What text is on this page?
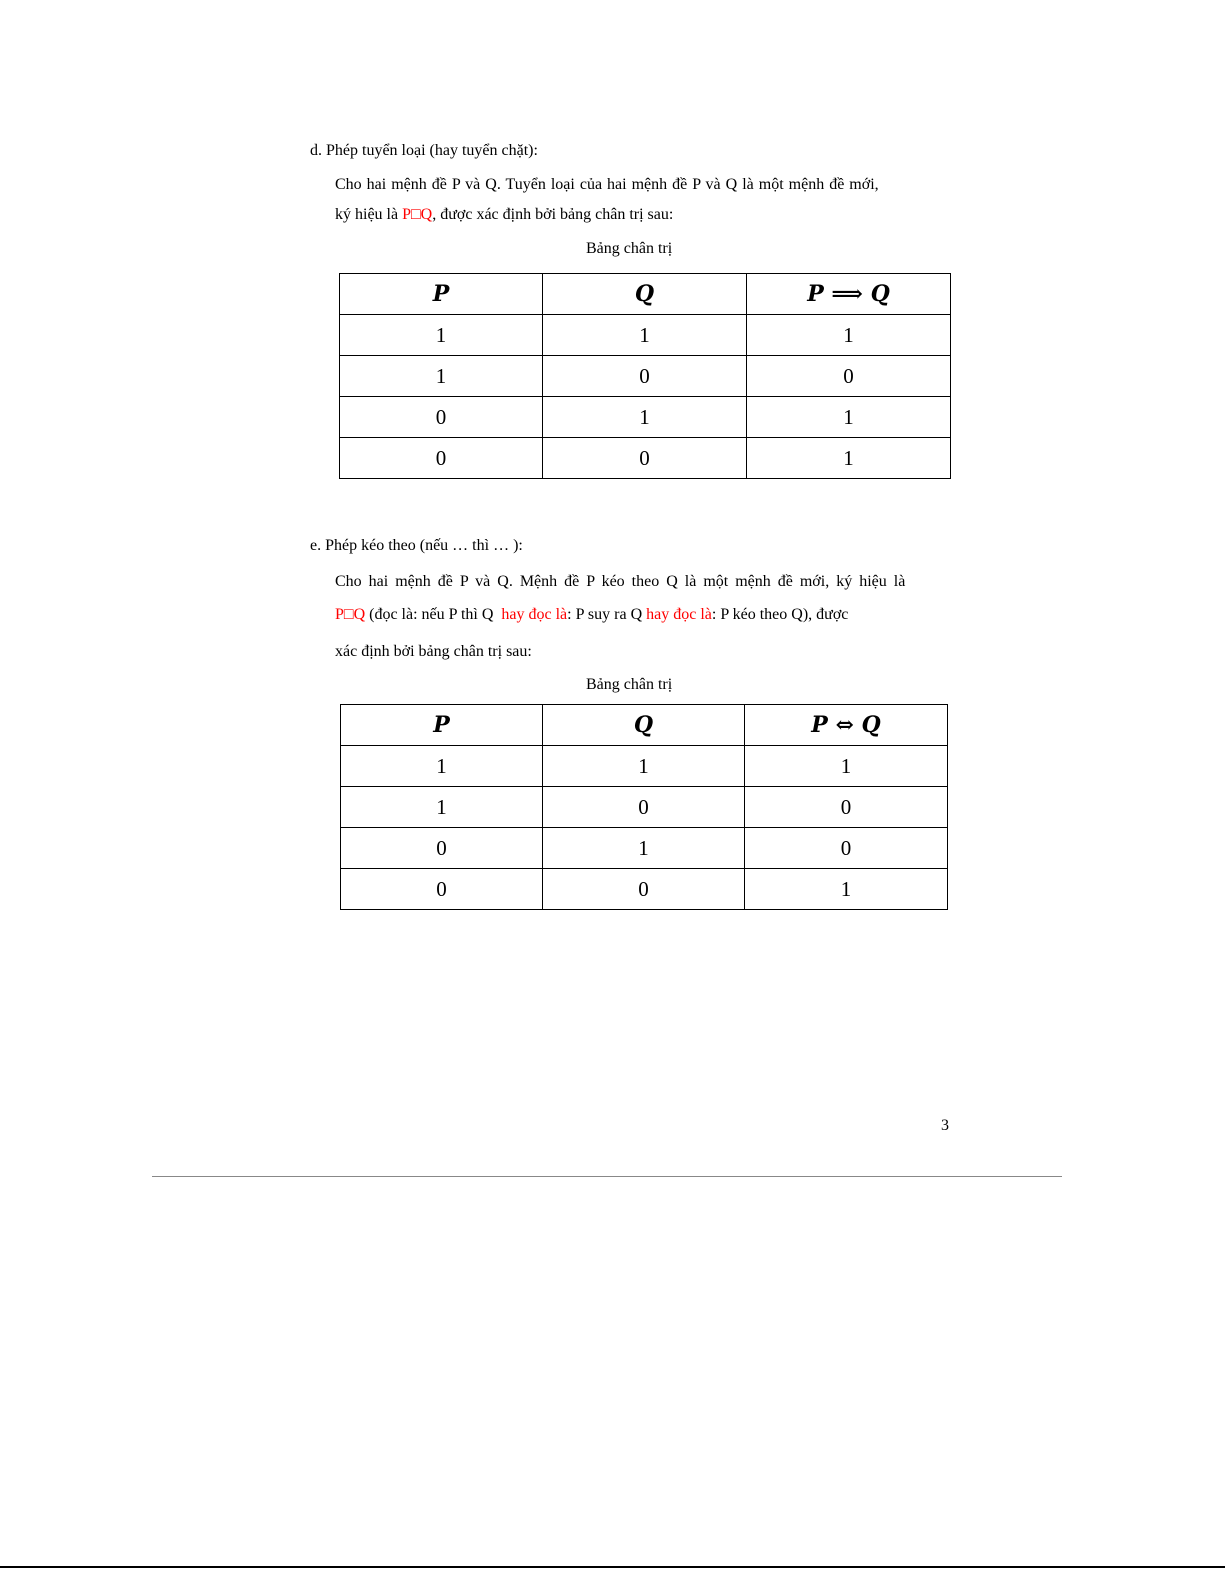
d. Phép tuyển loại (hay tuyển chặt):
Cho hai mệnh đề P và Q. Tuyển loại của hai mệnh đề P và Q là một mệnh đề mới,
ký hiệu là P□Q, được xác định bởi bảng chân trị sau:
Bảng chân trị
P	Q	P ⟹ Q
1	1	1
1	0	0
0	1	1
0	0	1
e. Phép kéo theo (nếu … thì … ):
Cho hai mệnh đề P và Q. Mệnh đề P kéo theo Q là một mệnh đề mới, ký hiệu là
P□Q (đọc là: nếu P thì Q  hay đọc là: P suy ra Q hay đọc là: P kéo theo Q), được
xác định bởi bảng chân trị sau:
Bảng chân trị
P	Q	P ⇔ Q
1	1	1
1	0	0
0	1	0
0	0	1
3
